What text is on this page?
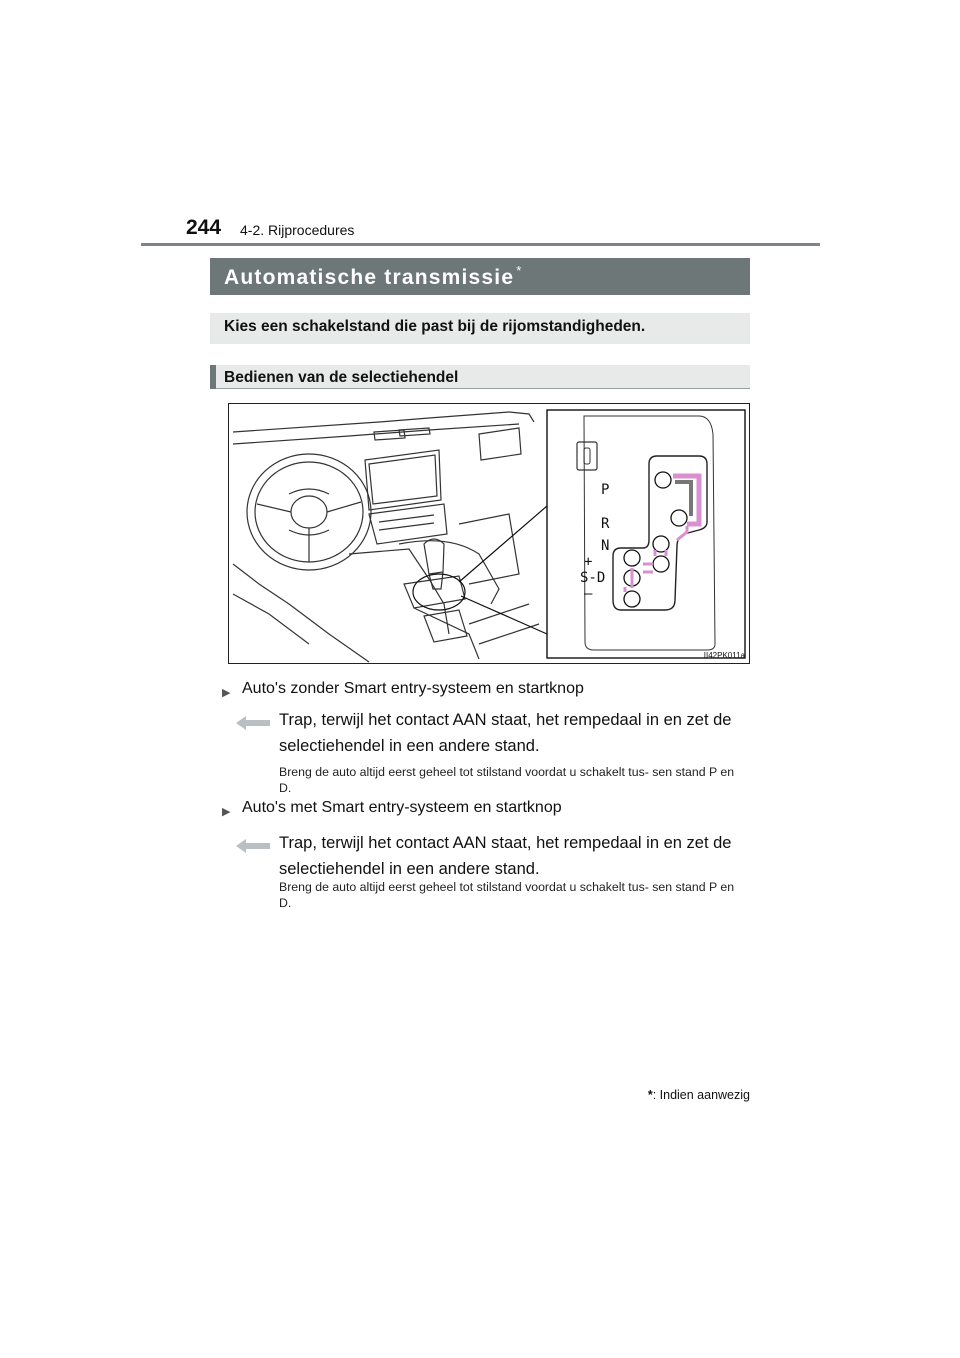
244 4-2. Rijprocedures
Automatische transmissie *
Kies een schakelstand die past bij de rijomstandigheden.
Bedienen van de selectiehendel
P
R
N
+
S-D
–
II42PK011a
▶ Auto's zonder Smart entry-systeem en startknop
Trap, terwijl het contact AAN staat, het rempedaal in en zet de selectiehendel in een andere stand.
Breng de auto altijd eerst geheel tot stilstand voordat u schakelt tus- sen stand P en D.
▶ Auto's met Smart entry-systeem en startknop
Trap, terwijl het contact AAN staat, het rempedaal in en zet de selectiehendel in een andere stand.
Breng de auto altijd eerst geheel tot stilstand voordat u schakelt tus- sen stand P en D.
*: Indien aanwezig
